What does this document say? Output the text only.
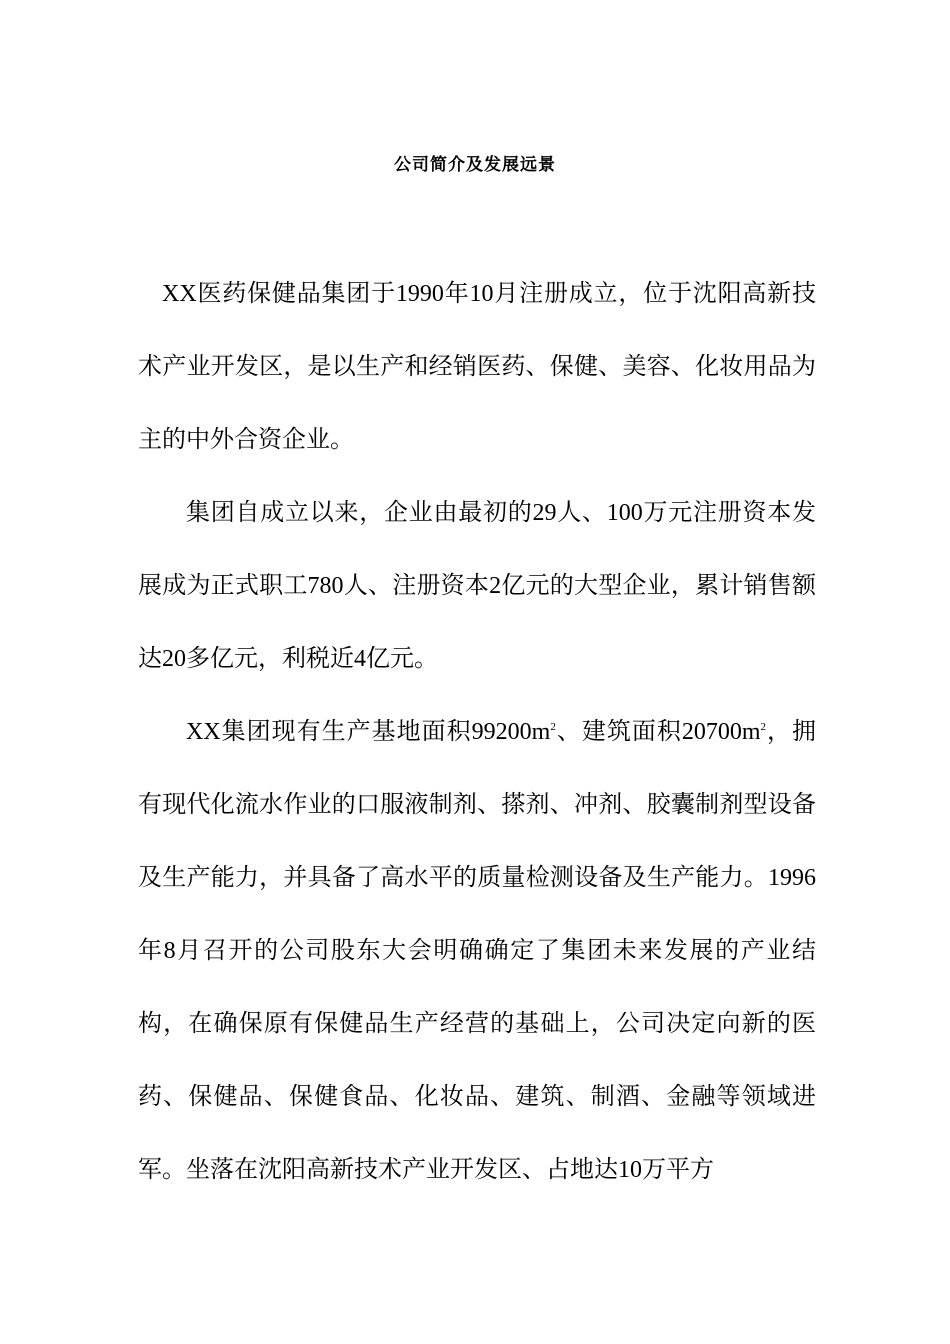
公司简介及发展远景

XX医药保健品集团于1990年10月注册成立，位于沈阳高新技术产业开发区，是以生产和经销医药、保健、美容、化妆用品为主的中外合资企业。

集团自成立以来，企业由最初的29人、100万元注册资本发展成为正式职工780人、注册资本2亿元的大型企业，累计销售额达20多亿元，利税近4亿元。

XX集团现有生产基地面积$99200m^2$、建筑面积$20700m^2$，拥有现代化流水作业的口服液制剂、搽剂、冲剂、胶囊制剂型设备及生产能力，并具备了高水平的质量检测设备及生产能力。1996年8月召开的公司股东大会明确确定了集团未来发展的产业结构，在确保原有保健品生产经营的基础上，公司决定向新的医药、保健品、保健食品、化妆品、建筑、制酒、金融等领域进军。坐落在沈阳高新技术产业开发区、占地达10万平方
